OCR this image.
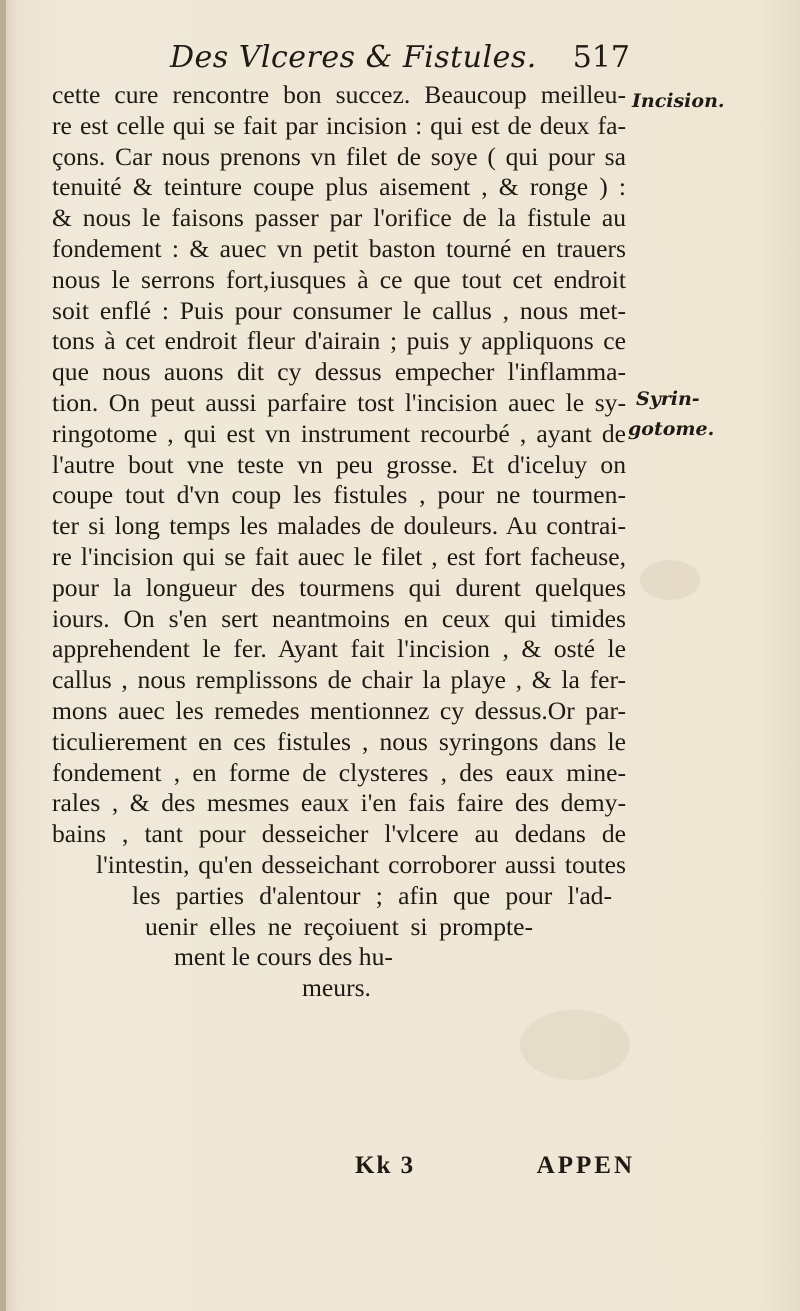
Des Vlceres & Fistules. 517
Incision.
Syrin-
gotome.
cette cure rencontre bon succez. Beaucoup meilleu-
re est celle qui se fait par incision : qui est de deux fa-
çons. Car nous prenons vn filet de soye ( qui pour sa
tenuité & teinture coupe plus aisement , & ronge ) :
& nous le faisons passer par l'orifice de la fistule au
fondement : & auec vn petit baston tourné en trauers
nous le serrons fort,iusques à ce que tout cet endroit
soit enflé : Puis pour consumer le callus , nous met-
tons à cet endroit fleur d'airain ; puis y appliquons ce
que nous auons dit cy dessus empecher l'inflamma-
tion. On peut aussi parfaire tost l'incision auec le sy-
ringotome , qui est vn instrument recourbé , ayant de
l'autre bout vne teste vn peu grosse. Et d'iceluy on
coupe tout d'vn coup les fistules , pour ne tourmen-
ter si long temps les malades de douleurs. Au contrai-
re l'incision qui se fait auec le filet , est fort facheuse,
pour la longueur des tourmens qui durent quelques
iours. On s'en sert neantmoins en ceux qui timides
apprehendent le fer. Ayant fait l'incision , & osté le
callus , nous remplissons de chair la playe , & la fer-
mons auec les remedes mentionnez cy dessus.Or par-
ticulierement en ces fistules , nous syringons dans le
fondement , en forme de clysteres , des eaux mine-
rales , & des mesmes eaux i'en fais faire des demy-
bains , tant pour desseicher l'vlcere au dedans de
l'intestin, qu'en desseichant corroborer aussi toutes
les parties d'alentour ; afin que pour l'ad-
uenir elles ne reçoiuent si prompte-
ment le cours des hu-
meurs.
Kk 3	APPEN
